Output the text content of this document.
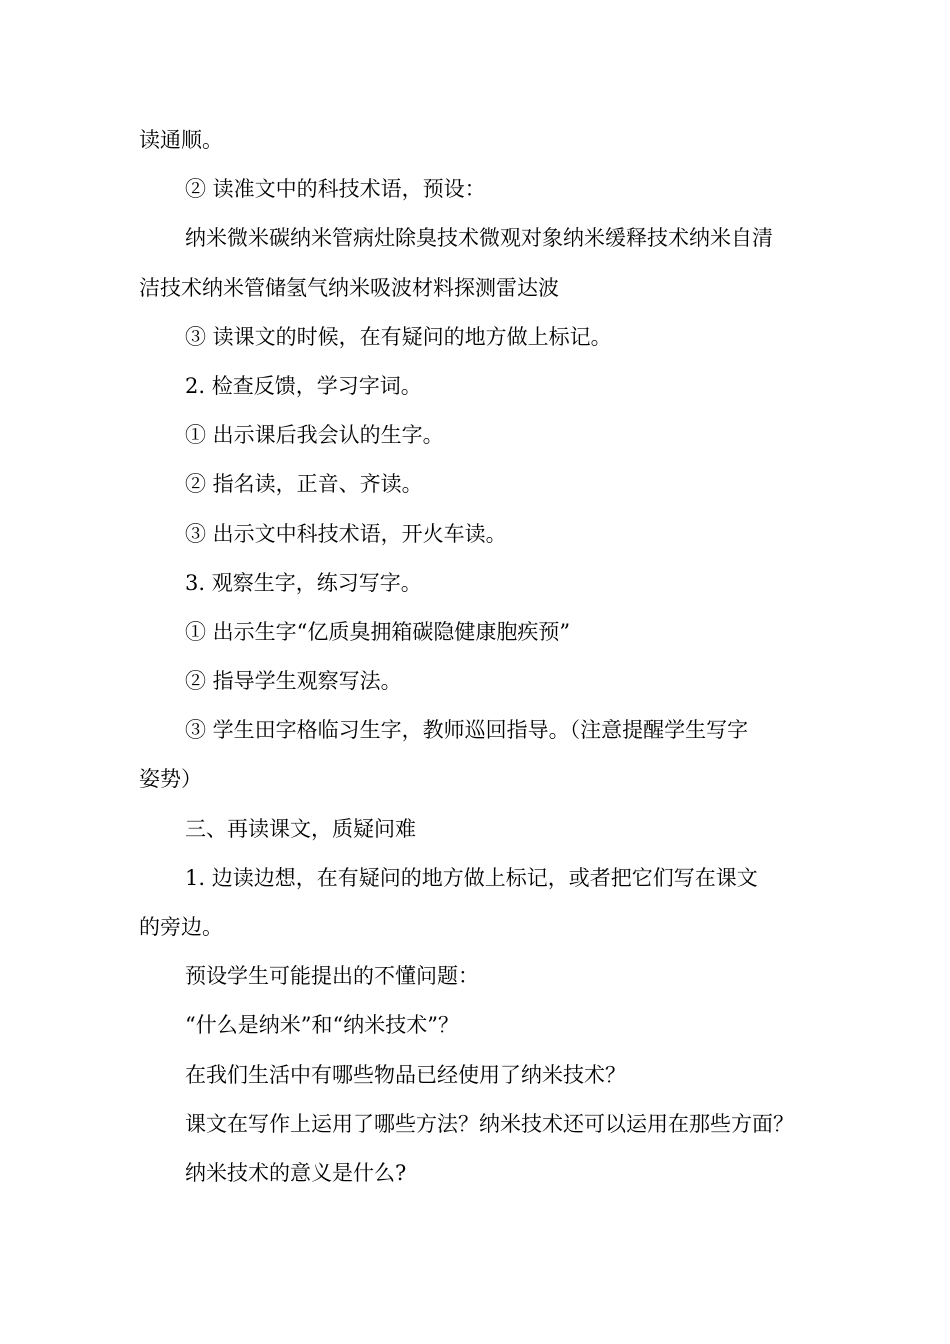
读通顺。
② 读准文中的科技术语，预设：
纳米微米碳纳米管病灶除臭技术微观对象纳米缓释技术纳米自清
洁技术纳米管储氢气纳米吸波材料探测雷达波
③ 读课文的时候，在有疑问的地方做上标记。
2. 检查反馈，学习字词。
① 出示课后我会认的生字。
② 指名读，正音、齐读。
③ 出示文中科技术语，开火车读。
3. 观察生字，练习写字。
① 出示生字“亿质臭拥箱碳隐健康胞疾预”
② 指导学生观察写法。
③ 学生田字格临习生字，教师巡回指导。（注意提醒学生写字
姿势）
三、再读课文，质疑问难
1. 边读边想，在有疑问的地方做上标记，或者把它们写在课文
的旁边。
预设学生可能提出的不懂问题：
“什么是纳米”和“纳米技术”？
在我们生活中有哪些物品已经使用了纳米技术？
课文在写作上运用了哪些方法？纳米技术还可以运用在那些方面？
纳米技术的意义是什么?
